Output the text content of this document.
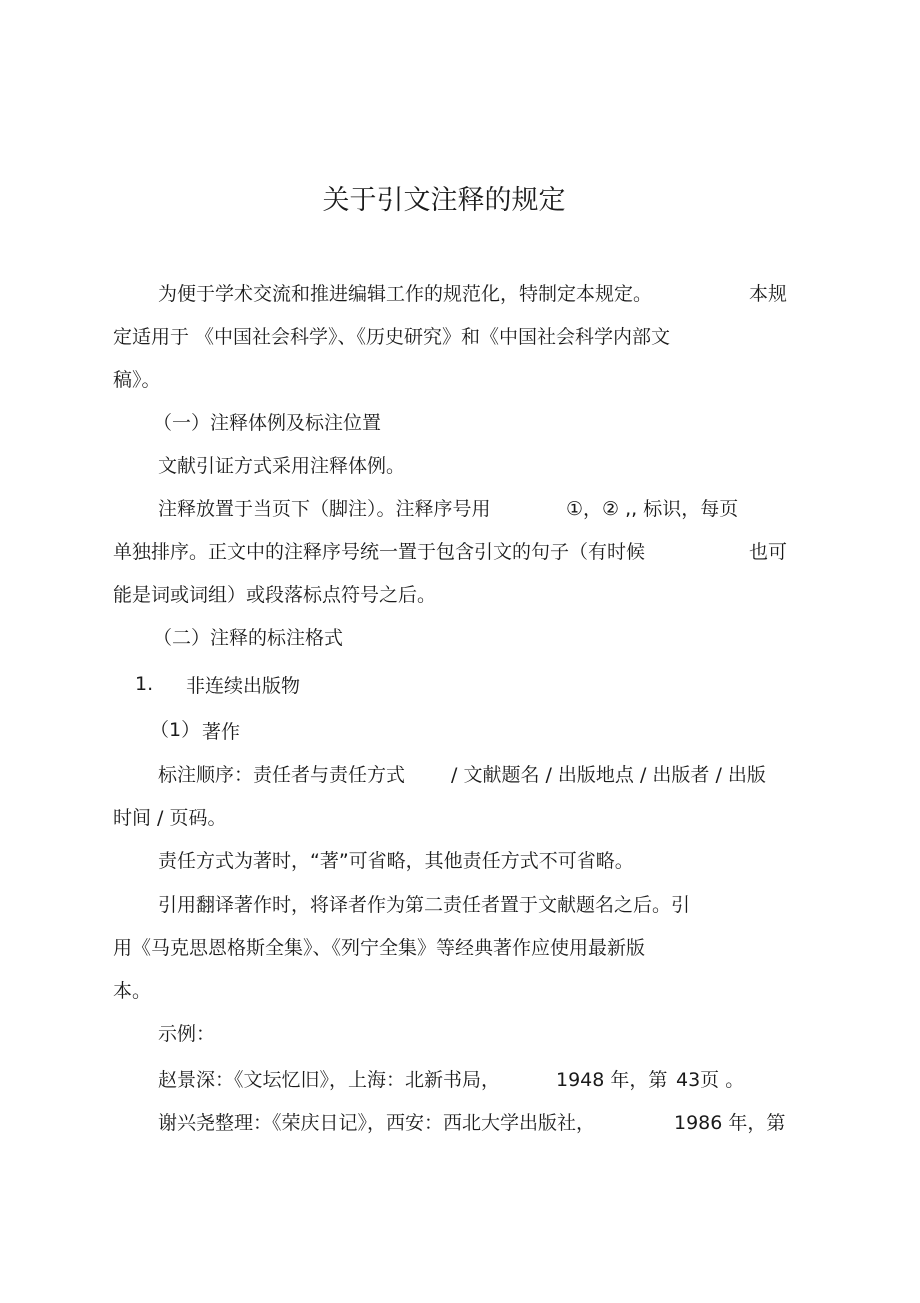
关于引文注释的规定
为便于学术交流和推进编辑工作的规范化，特制定本规定。	本规
定适用于 《中国社会科学》、《历史研究》和《中国社会科学内部文
稿》。
（一）注释体例及标注位置
文献引证方式采用注释体例。
注释放置于当页下（脚注）。注释序号用	①，② ,, 标识，每页
单独排序。正文中的注释序号统一置于包含引文的句子（有时候	也可
能是词或词组）或段落标点符号之后。
（二）注释的标注格式
1. 非连续出版物
（1） 著作
标注顺序：责任者与责任方式 / 文献题名 / 出版地点 / 出版者 / 出版
时间 / 页码。
责任方式为著时，“著”可省略，其他责任方式不可省略。
引用翻译著作时，将译者作为第二责任者置于文献题名之后。引
用《马克思恩格斯全集》、《列宁全集》等经典著作应使用最新版
本。
示例：
赵景深：《文坛忆旧》，上海：北新书局，	1948 年，第 43页 。
谢兴尧整理：《荣庆日记》，西安：西北大学出版社，	1986 年，第
